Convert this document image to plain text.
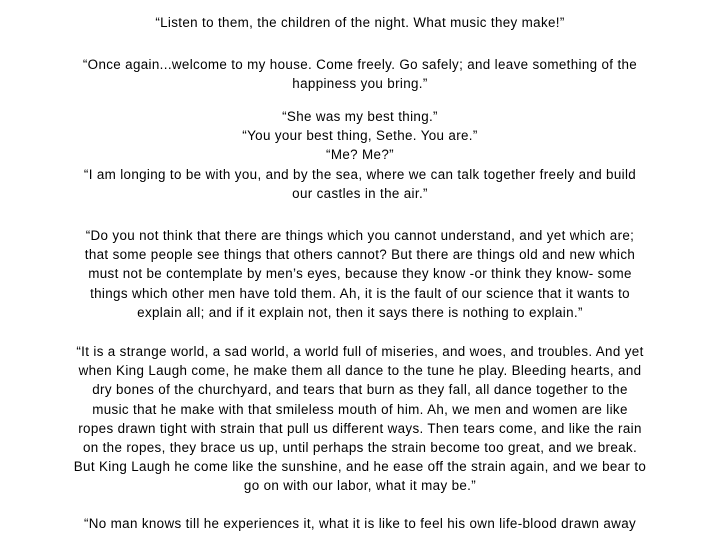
“Listen to them, the children of the night. What music they make!”

“Once again...welcome to my house. Come freely. Go safely; and leave something of the
happiness you bring.”

“She was my best thing.”
“You your best thing, Sethe. You are.”
“Me? Me?”
“I am longing to be with you, and by the sea, where we can talk together freely and build
our castles in the air.”

“Do you not think that there are things which you cannot understand, and yet which are;
that some people see things that others cannot? But there are things old and new which
must not be contemplate by men’s eyes, because they know -or think they know- some
things which other men have told them. Ah, it is the fault of our science that it wants to
explain all; and if it explain not, then it says there is nothing to explain.”

“It is a strange world, a sad world, a world full of miseries, and woes, and troubles. And yet
when King Laugh come, he make them all dance to the tune he play. Bleeding hearts, and
dry bones of the churchyard, and tears that burn as they fall, all dance together to the
music that he make with that smileless mouth of him. Ah, we men and women are like
ropes drawn tight with strain that pull us different ways. Then tears come, and like the rain
on the ropes, they brace us up, until perhaps the strain become too great, and we break.
But King Laugh he come like the sunshine, and he ease off the strain again, and we bear to
go on with our labor, what it may be.”

“No man knows till he experiences it, what it is like to feel his own life-blood drawn away
